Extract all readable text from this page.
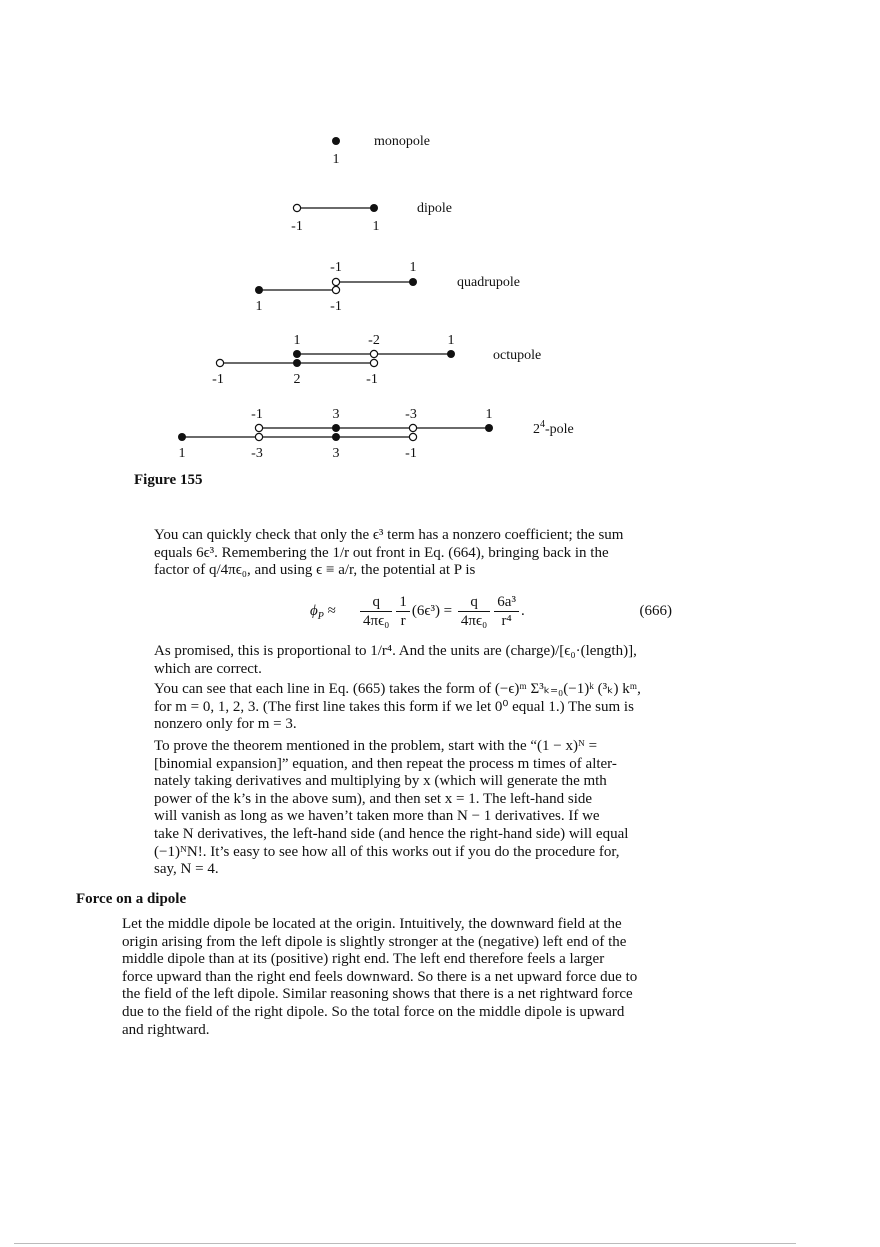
1
monopole
-1	1
dipole
-1	1
1	-1
quadrupole
1	-2	1
-1	2	-1
octupole
-1	3	-3	1
1	-3	3	-1
$2^4$-pole
Figure 155
You can quickly check that only the ϵ³ term has a nonzero coefficient; the sum
equals 6ϵ³. Remembering the 1/r out front in Eq. (664), bringing back in the
factor of q/4πϵ₀, and using ϵ ≡ a/r, the potential at P is
$\phi_P \approx \frac{q}{\text{4πϵ₀}} \frac{1}{r} (6\epsilon^3) = \frac{q}{\text{4πϵ₀}} \frac{\text{6a³}}{\text{r⁴}}$ .	(666)
As promised, this is proportional to 1/r⁴. And the units are (charge)/[ϵ₀·(length)],
which are correct.
You can see that each line in Eq. (665) takes the form of (−ϵ)ᵐ Σ³ₖ₌₀(−1)ᵏ (³ₖ) kᵐ,
for m = 0, 1, 2, 3. (The first line takes this form if we let 0⁰ equal 1.) The sum is
nonzero only for m = 3.
To prove the theorem mentioned in the problem, start with the “(1 − x)ᴺ =
[binomial expansion]” equation, and then repeat the process m times of alter-
nately taking derivatives and multiplying by x (which will generate the mth
power of the k’s in the above sum), and then set x = 1. The left-hand side
will vanish as long as we haven’t taken more than N − 1 derivatives. If we
take N derivatives, the left-hand side (and hence the right-hand side) will equal
(−1)ᴺN!. It’s easy to see how all of this works out if you do the procedure for,
say, N = 4.
Force on a dipole
Let the middle dipole be located at the origin. Intuitively, the downward field at the
origin arising from the left dipole is slightly stronger at the (negative) left end of the
middle dipole than at its (positive) right end. The left end therefore feels a larger
force upward than the right end feels downward. So there is a net upward force due to
the field of the left dipole. Similar reasoning shows that there is a net rightward force
due to the field of the right dipole. So the total force on the middle dipole is upward
and rightward.
